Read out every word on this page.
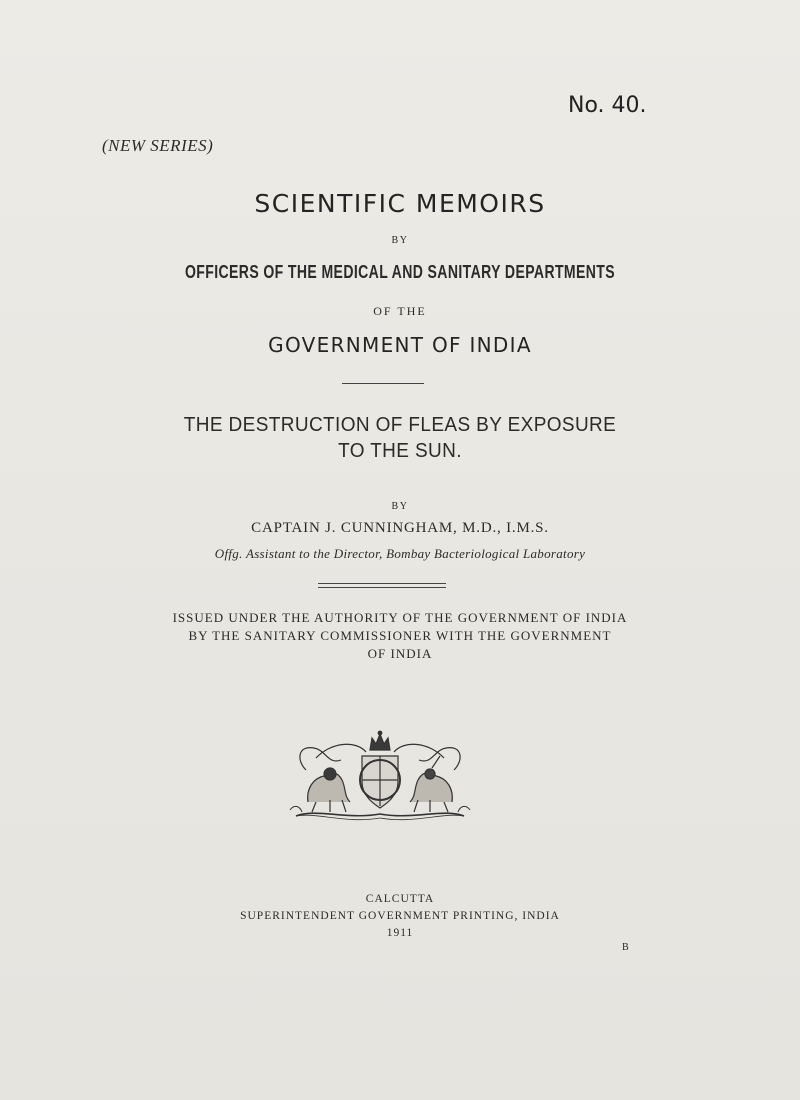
No. 40.
(NEW SERIES)

SCIENTIFIC MEMOIRS

BY

OFFICERS OF THE MEDICAL AND SANITARY DEPARTMENTS

OF THE

GOVERNMENT OF INDIA

THE DESTRUCTION OF FLEAS BY EXPOSURE

TO THE SUN.

BY

CAPTAIN J. CUNNINGHAM, M.D., I.M.S.

Offg. Assistant to the Director, Bombay Bacteriological Laboratory

ISSUED UNDER THE AUTHORITY OF THE GOVERNMENT OF INDIA

BY THE SANITARY COMMISSIONER WITH THE GOVERNMENT

OF INDIA

CALCUTTA

SUPERINTENDENT GOVERNMENT PRINTING, INDIA

1911

B
